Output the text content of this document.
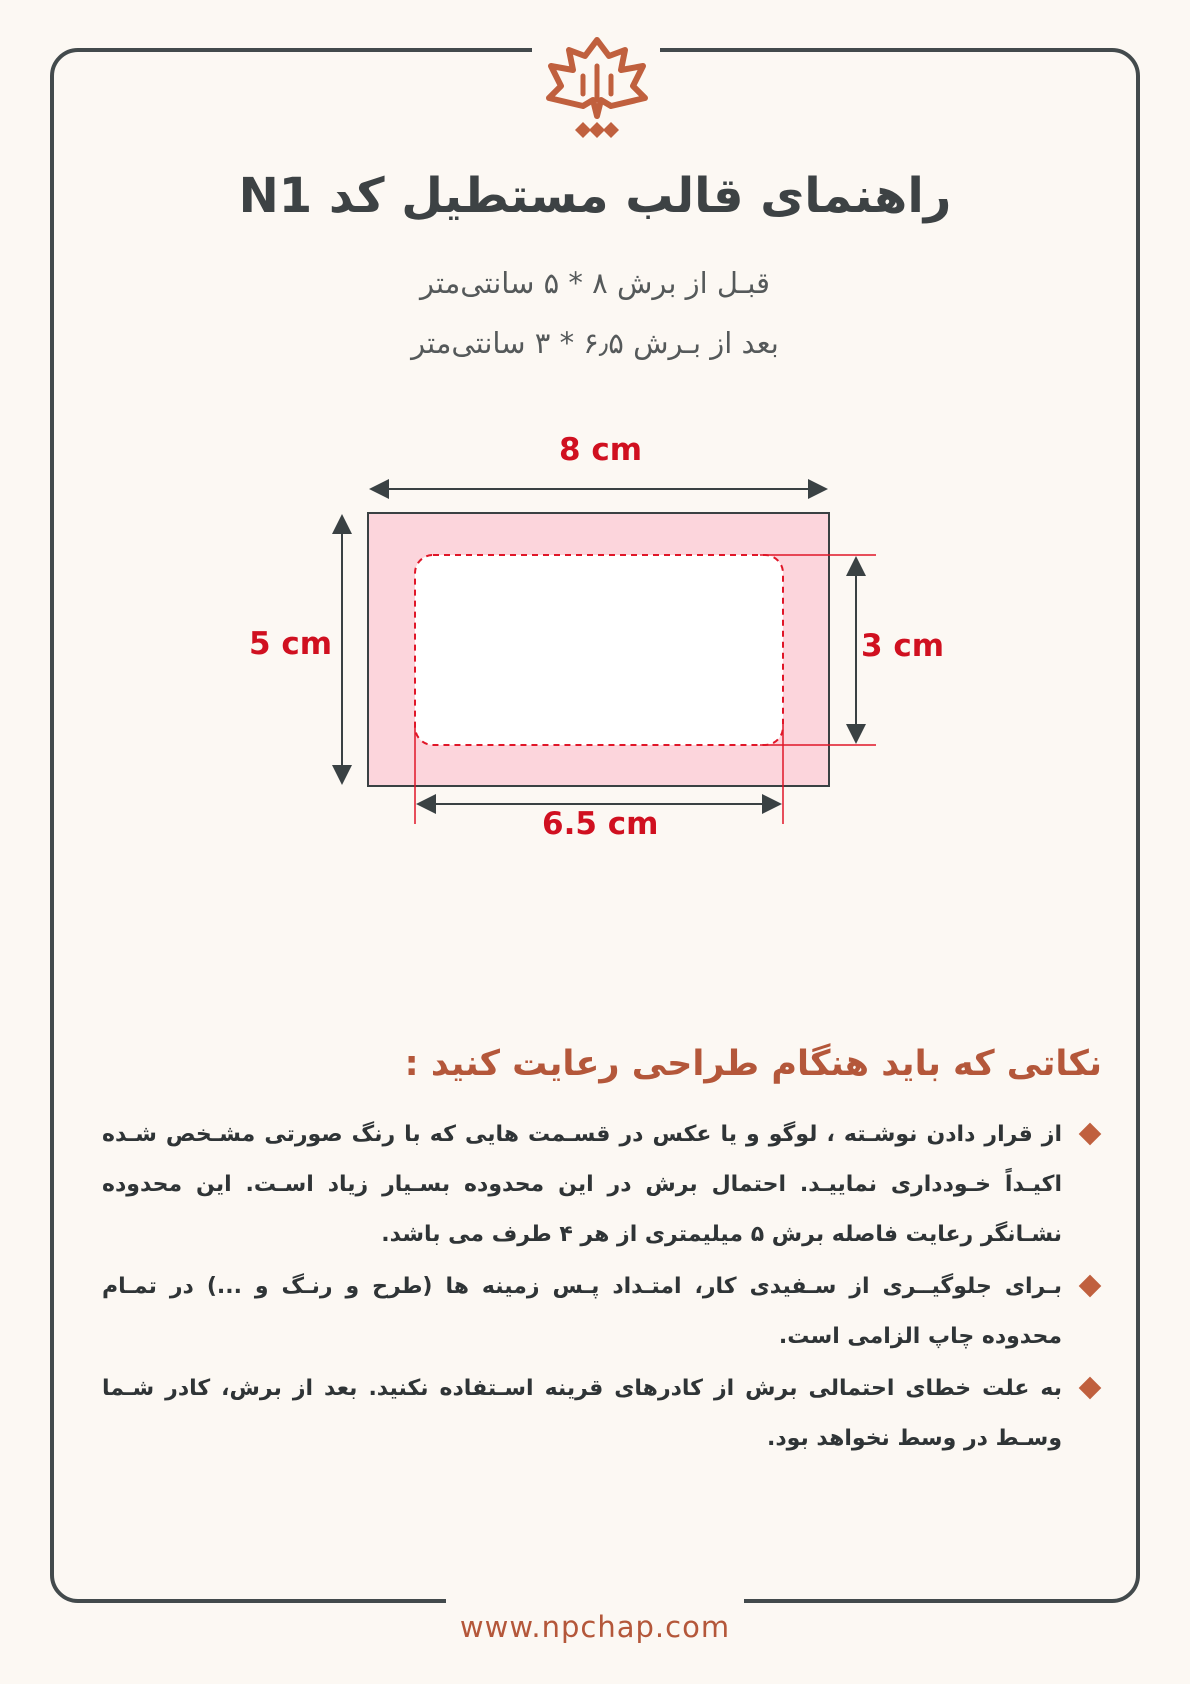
راهنمای قالب مستطیل کد N1
قبـل از برش ۸ * ۵ سانتی‌متر
بعد از بـرش ۶٫۵ * ۳ سانتی‌متر
8 cm
5 cm	3 cm
6.5 cm
نکاتی که باید هنگام طراحی رعایت کنید :
از قرار دادن نوشـته ، لوگو و یا عکس در قسـمت هایی که با رنگ صورتی مشـخص شـده اکیـداً خـودداری نماییـد. احتمال برش در این محدوده بسـیار زیاد اسـت. این محدوده نشـانگر رعایت فاصله برش ۵ میلیمتری از هر ۴ طرف می باشد.
بـرای جلوگیــری از سـفیدی کار، امتـداد پـس زمینه ها (طرح و رنـگ و ...) در تمـام محدوده چاپ الزامی است.
به علت خطای احتمالی برش از کادرهای قرینه اسـتفاده نکنید. بعد از برش، کادر شـما وسـط در وسط نخواهد بود.
www.npchap.com
